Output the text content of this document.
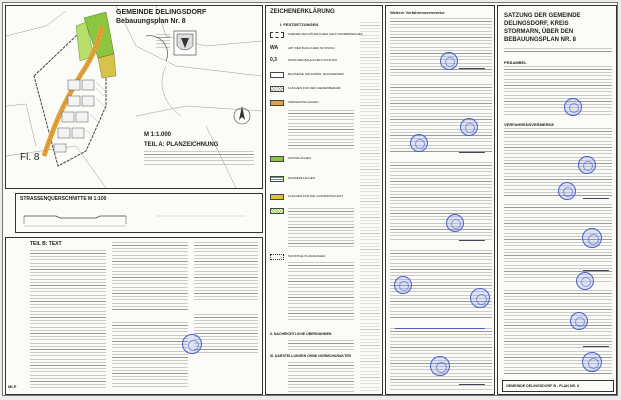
GEMEINDE DELINGSDORF
Bebauungsplan Nr. 8
M 1:1.000
TEIL A: PLANZEICHNUNG
Fl. 8
STRASSENQUERSCHNITTE M 1:100
TEIL B: TEXT
MLP
ZEICHENERKLÄRUNG
I. FESTSETZUNGEN
GRENZE DES RÄUMLICHEN GELTUNGSBEREICHES
WA	ART DER BAULICHEN NUTZUNG
0,3	MASS DER BAULICHEN NUTZUNG
BAUWEISE, BAULINIEN, BAUGRENZEN
FLÄCHEN FÜR DEN GEMEINBEDARF
VERKEHRSFLÄCHEN
GRÜNFLÄCHEN
WASSERFLÄCHEN
FLÄCHEN FÜR DIE LANDWIRTSCHAFT
SONSTIGE PLANZEICHEN
II. NACHRICHTLICHE ÜBERNAHMEN
III. DARSTELLUNGEN OHNE NORMCHARAKTER
Weitere Verfahrensvermerke:
SATZUNG DER GEMEINDE
DELINGSDORF, KREIS
STORMARN, ÜBER DEN
BEBAUUNGSPLAN NR. 8
PRÄAMBEL
VERFAHRENSVERMERKE
GEMEINDE DELINGSDORF B - PLAN NR. 8
